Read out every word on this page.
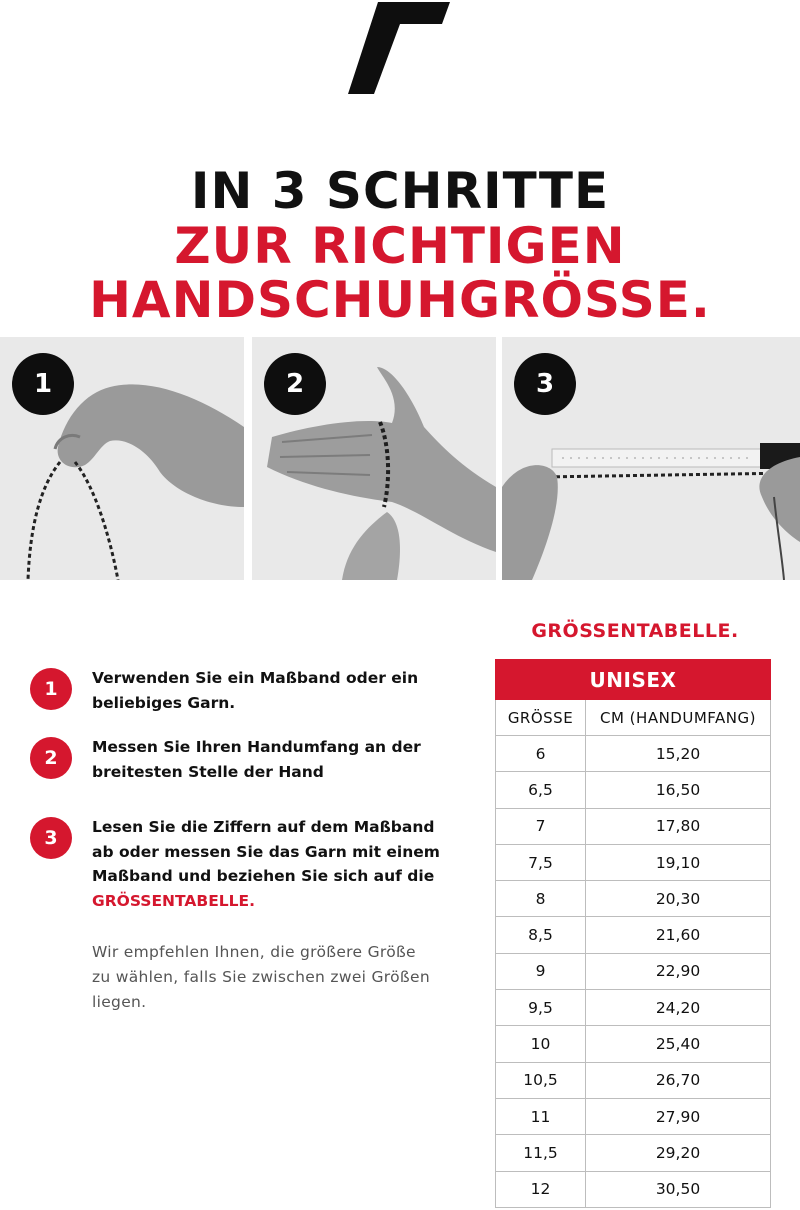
IN 3 SCHRITTE
ZUR RICHTIGEN
HANDSCHUHGRÖSSE.
1	2	3
1	Verwenden Sie ein Maßband oder ein beliebiges Garn.
2	Messen Sie Ihren Handumfang an der breitesten Stelle der Hand
3	Lesen Sie die Ziffern auf dem Maßband ab oder messen Sie das Garn mit einem Maßband und beziehen Sie sich auf die GRÖSSENTABELLE.
Wir empfehlen Ihnen, die größere Größe zu wählen, falls Sie zwischen zwei Größen liegen.
GRÖSSENTABELLE.
UNISEX	
GRÖSSE	CM (HANDUMFANG)
6	15,20
6,5	16,50
7	17,80
7,5	19,10
8	20,30
8,5	21,60
9	22,90
9,5	24,20
10	25,40
10,5	26,70
11	27,90
11,5	29,20
12	30,50
